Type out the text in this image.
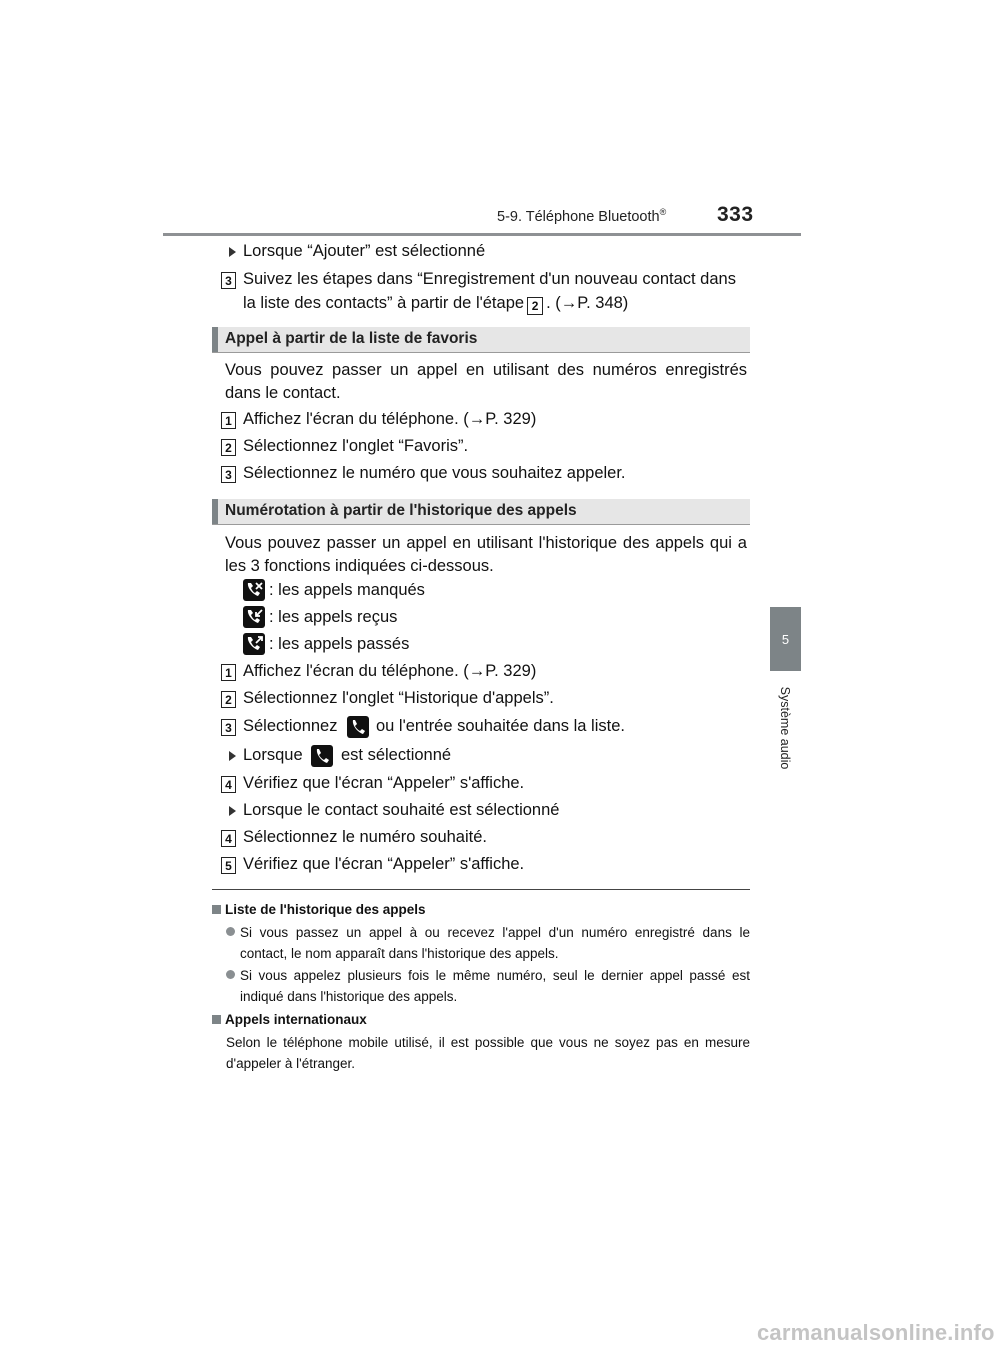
5-9. Téléphone Bluetooth® 333
5
Système audio
Lorsque “Ajouter” est sélectionné
3 Suivez les étapes dans “Enregistrement d'un nouveau contact dans
la liste des contacts” à partir de l'étape 2 . (→P. 348)
Appel à partir de la liste de favoris
Vous pouvez passer un appel en utilisant des numéros enregistrés dans le contact.
1 Affichez l'écran du téléphone. (→P. 329)
2 Sélectionnez l'onglet “Favoris”.
3 Sélectionnez le numéro que vous souhaitez appeler.
Numérotation à partir de l'historique des appels
Vous pouvez passer un appel en utilisant l'historique des appels qui a les 3 fonctions indiquées ci-dessous.
: les appels manqués
: les appels reçus
: les appels passés
1 Affichez l'écran du téléphone. (→P. 329)
2 Sélectionnez l'onglet “Historique d'appels”.
3 Sélectionnez ou l'entrée souhaitée dans la liste.
Lorsque est sélectionné
4 Vérifiez que l'écran “Appeler” s'affiche.
Lorsque le contact souhaité est sélectionné
4 Sélectionnez le numéro souhaité.
5 Vérifiez que l'écran “Appeler” s'affiche.
Liste de l'historique des appels
Si vous passez un appel à ou recevez l'appel d'un numéro enregistré dans le contact, le nom apparaît dans l'historique des appels.
Si vous appelez plusieurs fois le même numéro, seul le dernier appel passé est indiqué dans l'historique des appels.
Appels internationaux
Selon le téléphone mobile utilisé, il est possible que vous ne soyez pas en mesure d'appeler à l'étranger.
carmanualsonline.info
